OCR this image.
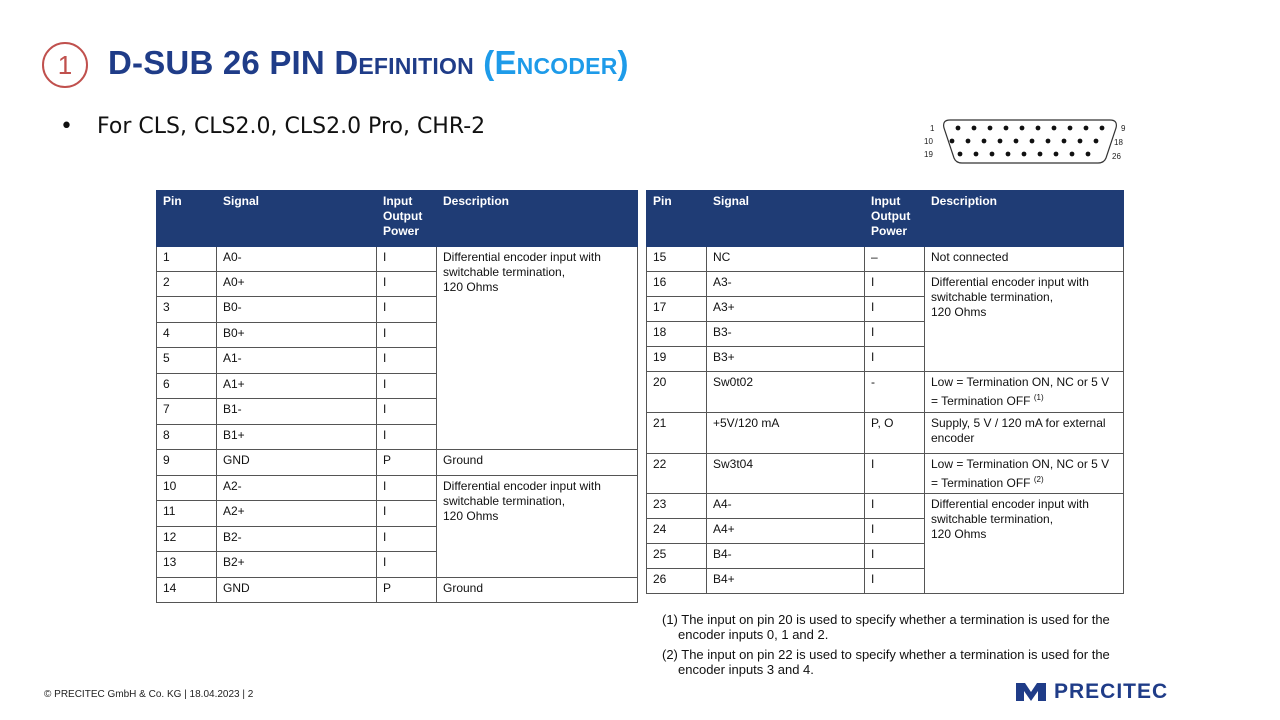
1 D-SUB 26 PIN Definition (Encoder)
• For CLS, CLS2.0, CLS2.0 Pro, CHR-2	1
10
19
9
18
26
Pin	Signal	Input
Output
Power	Description
1	A0-	I	Differential encoder input with switchable termination,
120 Ohms
2	A0+	I	
3	B0-	I	
4	B0+	I	
5	A1-	I	
6	A1+	I	
7	B1-	I	
8	B1+	I	
9	GND	P	Ground
10	A2-	I	Differential encoder input with switchable termination,
120 Ohms
11	A2+	I	
12	B2-	I	
13	B2+	I	
14	GND	P	Ground
Pin	Signal	Input
Output
Power	Description
15	NC	–	Not connected
16	A3-	I	Differential encoder input with switchable termination,
120 Ohms
17	A3+	I	
18	B3-	I	
19	B3+	I	
20	Sw0t02	-	Low = Termination ON, NC or 5 V = Termination OFF $^{(1)}$
21	+5V/120 mA	P, O	Supply, 5 V / 120 mA for external encoder
22	Sw3t04	I	Low = Termination ON, NC or 5 V = Termination OFF $^{(2)}$
23	A4-	I	Differential encoder input with switchable termination,
120 Ohms
24	A4+	I	
25	B4-	I	
26	B4+	I	
(1) The input on pin 20 is used to specify whether a termination is used for the encoder inputs 0, 1 and 2.
(2) The input on pin 22 is used to specify whether a termination is used for the encoder inputs 3 and 4.
© PRECITEC GmbH & Co. KG | 18.04.2023 | 2	PRECITEC
